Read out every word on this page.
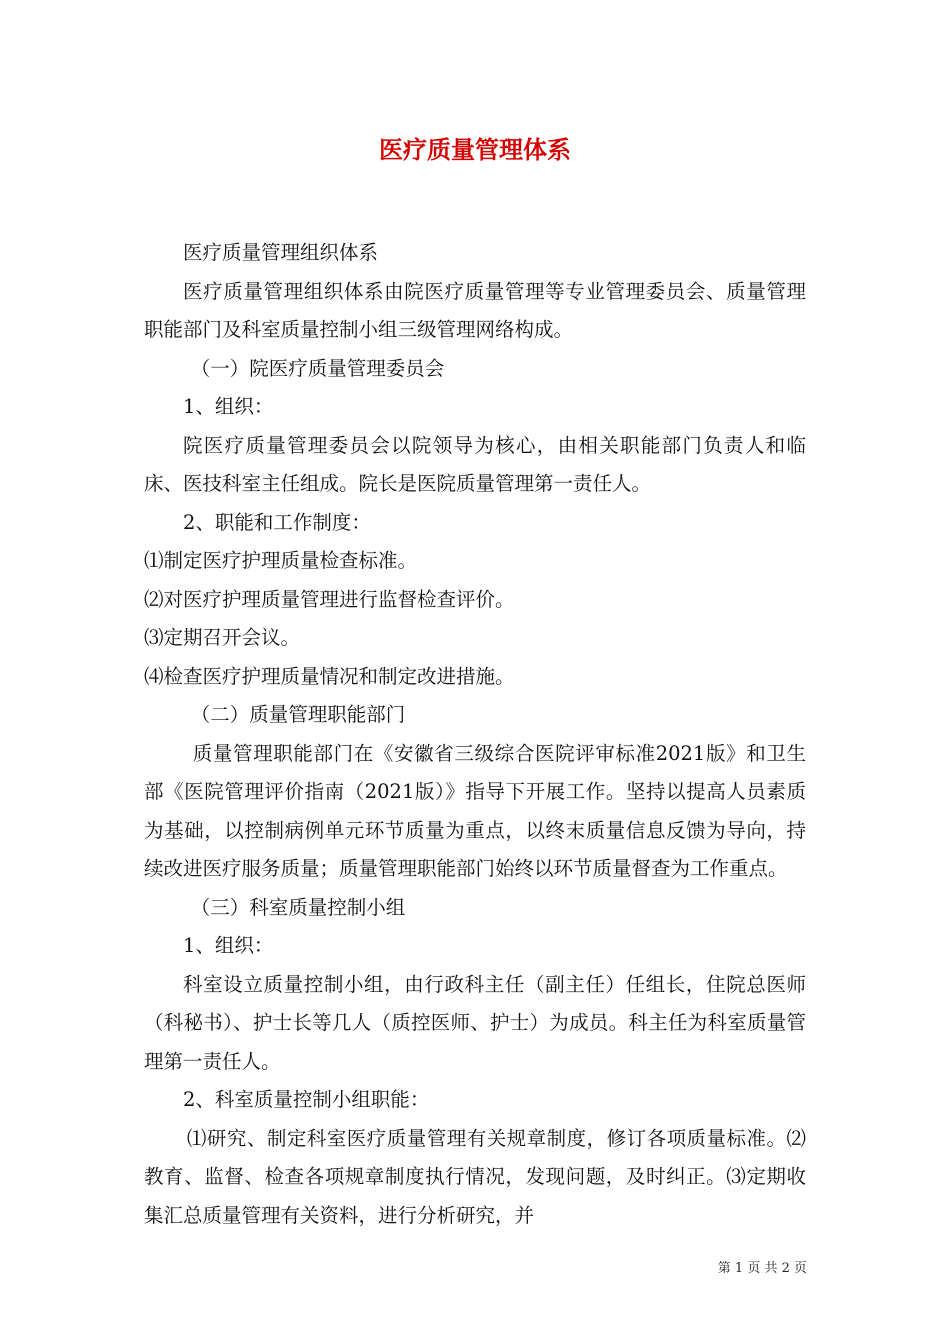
医疗质量管理体系

医疗质量管理组织体系

医疗质量管理组织体系由院医疗质量管理等专业管理委员会、质量管理职能部门及科室质量控制小组三级管理网络构成。

（一）院医疗质量管理委员会

1、组织：

院医疗质量管理委员会以院领导为核心，由相关职能部门负责人和临床、医技科室主任组成。院长是医院质量管理第一责任人。

2、职能和工作制度：

⑴制定医疗护理质量检查标准。

⑵对医疗护理质量管理进行监督检查评价。

⑶定期召开会议。

⑷检查医疗护理质量情况和制定改进措施。

（二）质量管理职能部门

质量管理职能部门在《安徽省三级综合医院评审标准2021版》和卫生部《医院管理评价指南（2021版）》指导下开展工作。坚持以提高人员素质为基础，以控制病例单元环节质量为重点，以终末质量信息反馈为导向，持续改进医疗服务质量；质量管理职能部门始终以环节质量督查为工作重点。

（三）科室质量控制小组

1、组织：

科室设立质量控制小组，由行政科主任（副主任）任组长，住院总医师（科秘书）、护士长等几人（质控医师、护士）为成员。科主任为科室质量管理第一责任人。

2、科室质量控制小组职能：

⑴研究、制定科室医疗质量管理有关规章制度，修订各项质量标准。⑵教育、监督、检查各项规章制度执行情况，发现问题，及时纠正。⑶定期收集汇总质量管理有关资料，进行分析研究，并

第 1 页 共 2 页
